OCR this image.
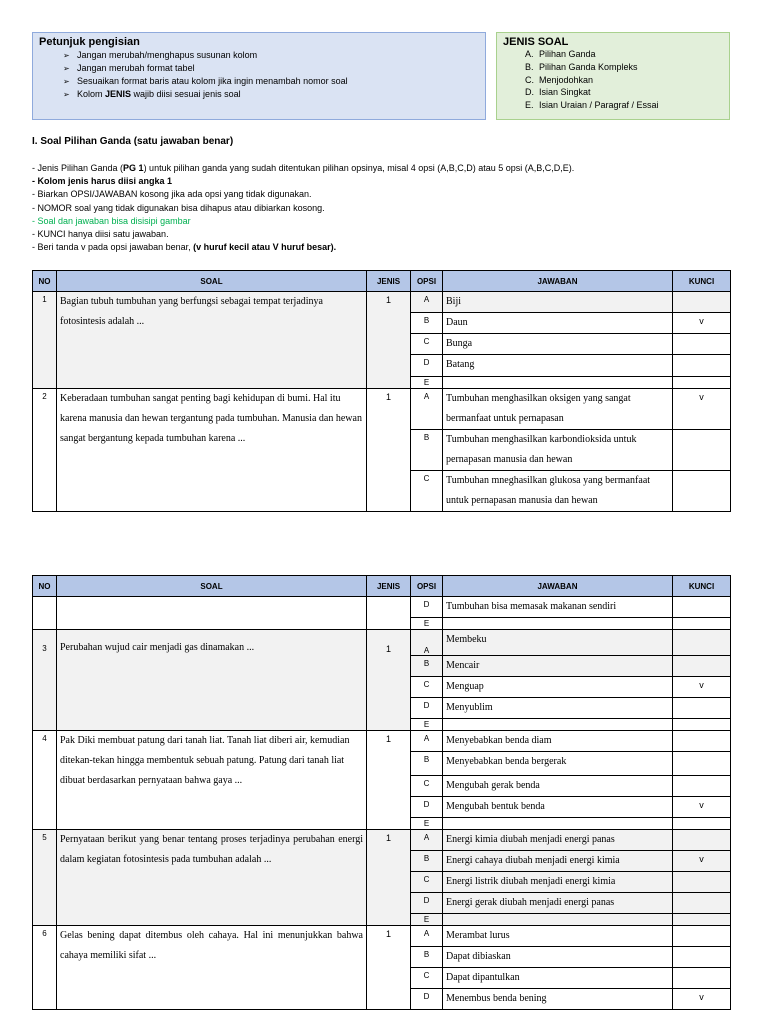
Petunjuk pengisian
➢ Jangan merubah/menghapus susunan kolom
➢ Jangan merubah format tabel
➢ Sesuaikan format baris atau kolom jika ingin menambah nomor soal
➢ Kolom JENIS wajib diisi sesuai jenis soal
JENIS SOAL
A. Pilihan Ganda
B. Pilihan Ganda Kompleks
C. Menjodohkan
D. Isian Singkat
E. Isian Uraian / Paragraf / Essai
I. Soal Pilihan Ganda (satu jawaban benar)
- Jenis Pilihan Ganda (PG 1) untuk pilihan ganda yang sudah ditentukan pilihan opsinya, misal 4 opsi (A,B,C,D) atau 5 opsi (A,B,C,D,E).
- Kolom jenis harus diisi angka 1
- Biarkan OPSI/JAWABAN kosong jika ada opsi yang tidak digunakan.
- NOMOR soal yang tidak digunakan bisa dihapus atau dibiarkan kosong.
- Soal dan jawaban bisa disisipi gambar
- KUNCI hanya diisi satu jawaban.
- Beri tanda v pada opsi jawaban benar, (v huruf kecil atau V huruf besar).
NO	SOAL	JENIS	OPSI	JAWABAN	KUNCI
1	Bagian tubuh tumbuhan yang berfungsi sebagai tempat terjadinya fotosintesis adalah ...	1	A	Biji	
			B	Daun	v
			C	Bunga	
			D	Batang	
			E		
2	Keberadaan tumbuhan sangat penting bagi kehidupan di bumi. Hal itu karena manusia dan hewan tergantung pada tumbuhan. Manusia dan hewan sangat bergantung kepada tumbuhan karena ...	1	A	Tumbuhan menghasilkan oksigen yang sangat bermanfaat untuk pernapasan	v
			B	Tumbuhan menghasilkan karbondioksida untuk pernapasan manusia dan hewan	
			C	Tumbuhan mneghasilkan glukosa yang bermanfaat untuk pernapasan manusia dan hewan	
NO	SOAL	JENIS	OPSI	JAWABAN	KUNCI
			D	Tumbuhan bisa memasak makanan sendiri	
			E		
3	Perubahan wujud cair menjadi gas dinamakan ...	1	A	Membeku	
			B	Mencair	
			C	Menguap	v
			D	Menyublim	
			E		
4	Pak Diki membuat patung dari tanah liat. Tanah liat diberi air, kemudian ditekan-tekan hingga membentuk sebuah patung. Patung dari tanah liat dibuat berdasarkan pernyataan bahwa gaya ...	1	A	Menyebabkan benda diam	
			B	Menyebabkan benda bergerak	
			C	Mengubah gerak benda	
			D	Mengubah bentuk benda	v
			E		
5	Pernyataan berikut yang benar tentang proses terjadinya perubahan energi dalam kegiatan fotosintesis pada tumbuhan adalah ...	1	A	Energi kimia diubah menjadi energi panas	
			B	Energi cahaya diubah menjadi energi kimia	v
			C	Energi listrik diubah menjadi energi kimia	
			D	Energi gerak diubah menjadi energi panas	
			E		
6	Gelas bening dapat ditembus oleh cahaya. Hal ini menunjukkan bahwa cahaya memiliki sifat ...	1	A	Merambat lurus	
			B	Dapat dibiaskan	
			C	Dapat dipantulkan	
			D	Menembus benda bening	v
